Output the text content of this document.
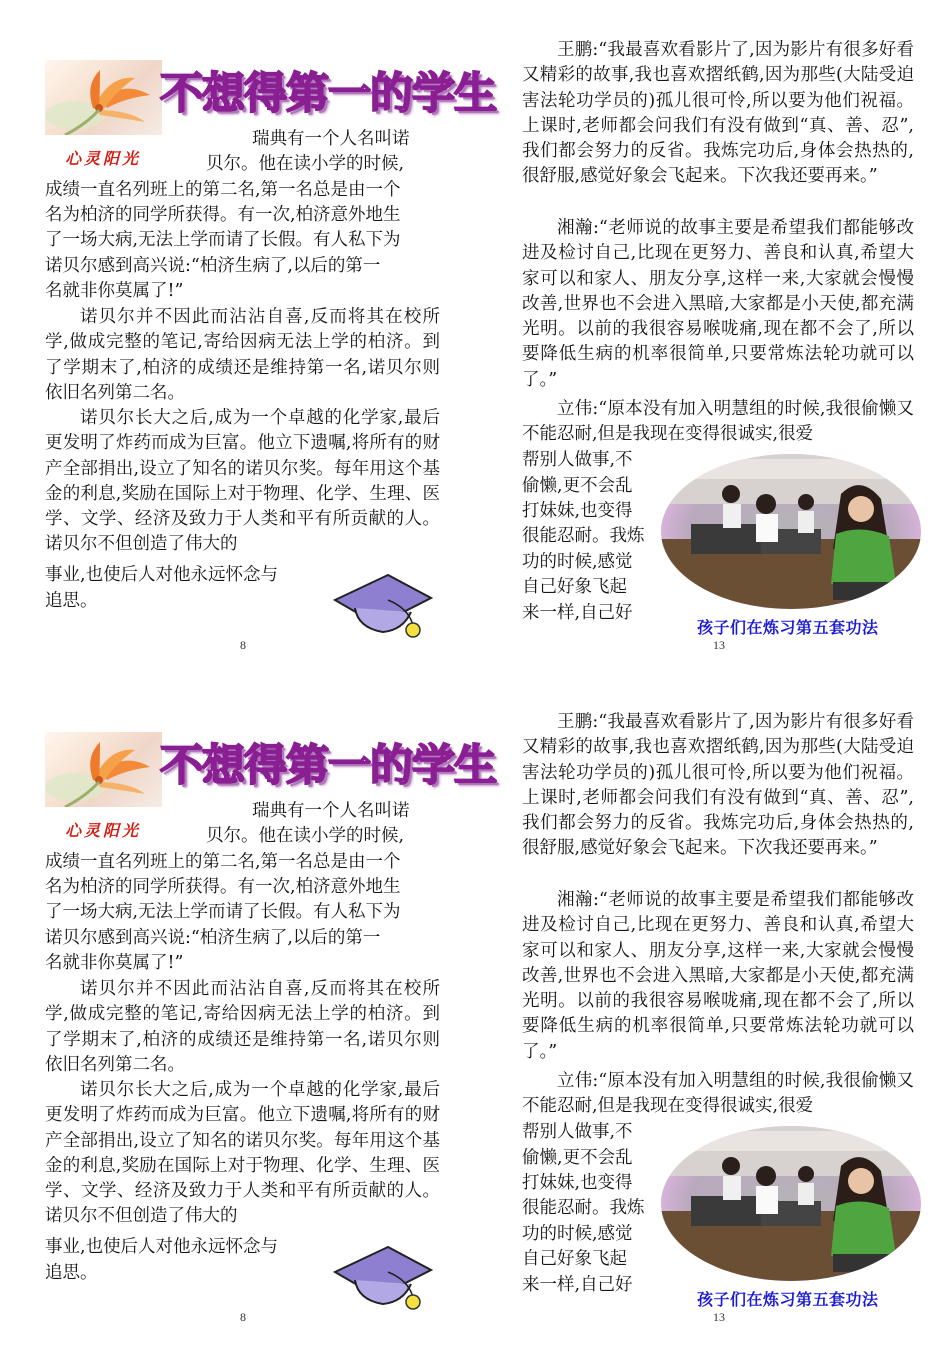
不想得第一的学生
心灵阳光

瑞典有一个人名叫诺

贝尔。他在读小学的时候,

成绩一直名列班上的第二名,第一名总是由一个

名为柏济的同学所获得。有一次,柏济意外地生

了一场大病,无法上学而请了长假。有人私下为

诺贝尔感到高兴说:“柏济生病了,以后的第一

名就非你莫属了!”

诺贝尔并不因此而沾沾自喜,反而将其在校所学,做成完整的笔记,寄给因病无法上学的柏济。到了学期末了,柏济的成绩还是维持第一名,诺贝尔则依旧名列第二名。

诺贝尔长大之后,成为一个卓越的化学家,最后更发明了炸药而成为巨富。他立下遗嘱,将所有的财产全部捐出,设立了知名的诺贝尔奖。每年用这个基金的利息,奖励在国际上对于物理、化学、生理、医学、文学、经济及致力于人类和平有所贡献的人。诺贝尔不但创造了伟大的

事业,也使后人对他永远怀念与

追思。

8

王鹏:“我最喜欢看影片了,因为影片有很多好看又精彩的故事,我也喜欢摺纸鹤,因为那些(大陆受迫害法轮功学员的)孤儿很可怜,所以要为他们祝福。上课时,老师都会问我们有没有做到“真、善、忍”,我们都会努力的反省。我炼完功后,身体会热热的,很舒服,感觉好象会飞起来。下次我还要再来。”

湘瀚:“老师说的故事主要是希望我们都能够改进及检讨自己,比现在更努力、善良和认真,希望大家可以和家人、朋友分享,这样一来,大家就会慢慢改善,世界也不会进入黑暗,大家都是小天使,都充满光明。以前的我很容易喉咙痛,现在都不会了,所以要降低生病的机率很简单,只要常炼法轮功就可以了。”

立伟:“原本没有加入明慧组的时候,我很偷懒又不能忍耐,但是我现在变得很诚实,很爱

帮别人做事,不

偷懒,更不会乱

打妹妹,也变得

很能忍耐。我炼

功的时候,感觉

自己好象飞起

来一样,自己好

孩子们在炼习第五套功法
13
不想得第一的学生
心灵阳光

瑞典有一个人名叫诺

贝尔。他在读小学的时候,

成绩一直名列班上的第二名,第一名总是由一个

名为柏济的同学所获得。有一次,柏济意外地生

了一场大病,无法上学而请了长假。有人私下为

诺贝尔感到高兴说:“柏济生病了,以后的第一

名就非你莫属了!”

诺贝尔并不因此而沾沾自喜,反而将其在校所学,做成完整的笔记,寄给因病无法上学的柏济。到了学期末了,柏济的成绩还是维持第一名,诺贝尔则依旧名列第二名。

诺贝尔长大之后,成为一个卓越的化学家,最后更发明了炸药而成为巨富。他立下遗嘱,将所有的财产全部捐出,设立了知名的诺贝尔奖。每年用这个基金的利息,奖励在国际上对于物理、化学、生理、医学、文学、经济及致力于人类和平有所贡献的人。诺贝尔不但创造了伟大的

事业,也使后人对他永远怀念与

追思。

8

王鹏:“我最喜欢看影片了,因为影片有很多好看又精彩的故事,我也喜欢摺纸鹤,因为那些(大陆受迫害法轮功学员的)孤儿很可怜,所以要为他们祝福。上课时,老师都会问我们有没有做到“真、善、忍”,我们都会努力的反省。我炼完功后,身体会热热的,很舒服,感觉好象会飞起来。下次我还要再来。”

湘瀚:“老师说的故事主要是希望我们都能够改进及检讨自己,比现在更努力、善良和认真,希望大家可以和家人、朋友分享,这样一来,大家就会慢慢改善,世界也不会进入黑暗,大家都是小天使,都充满光明。以前的我很容易喉咙痛,现在都不会了,所以要降低生病的机率很简单,只要常炼法轮功就可以了。”

立伟:“原本没有加入明慧组的时候,我很偷懒又不能忍耐,但是我现在变得很诚实,很爱

帮别人做事,不

偷懒,更不会乱

打妹妹,也变得

很能忍耐。我炼

功的时候,感觉

自己好象飞起

来一样,自己好

孩子们在炼习第五套功法
13
